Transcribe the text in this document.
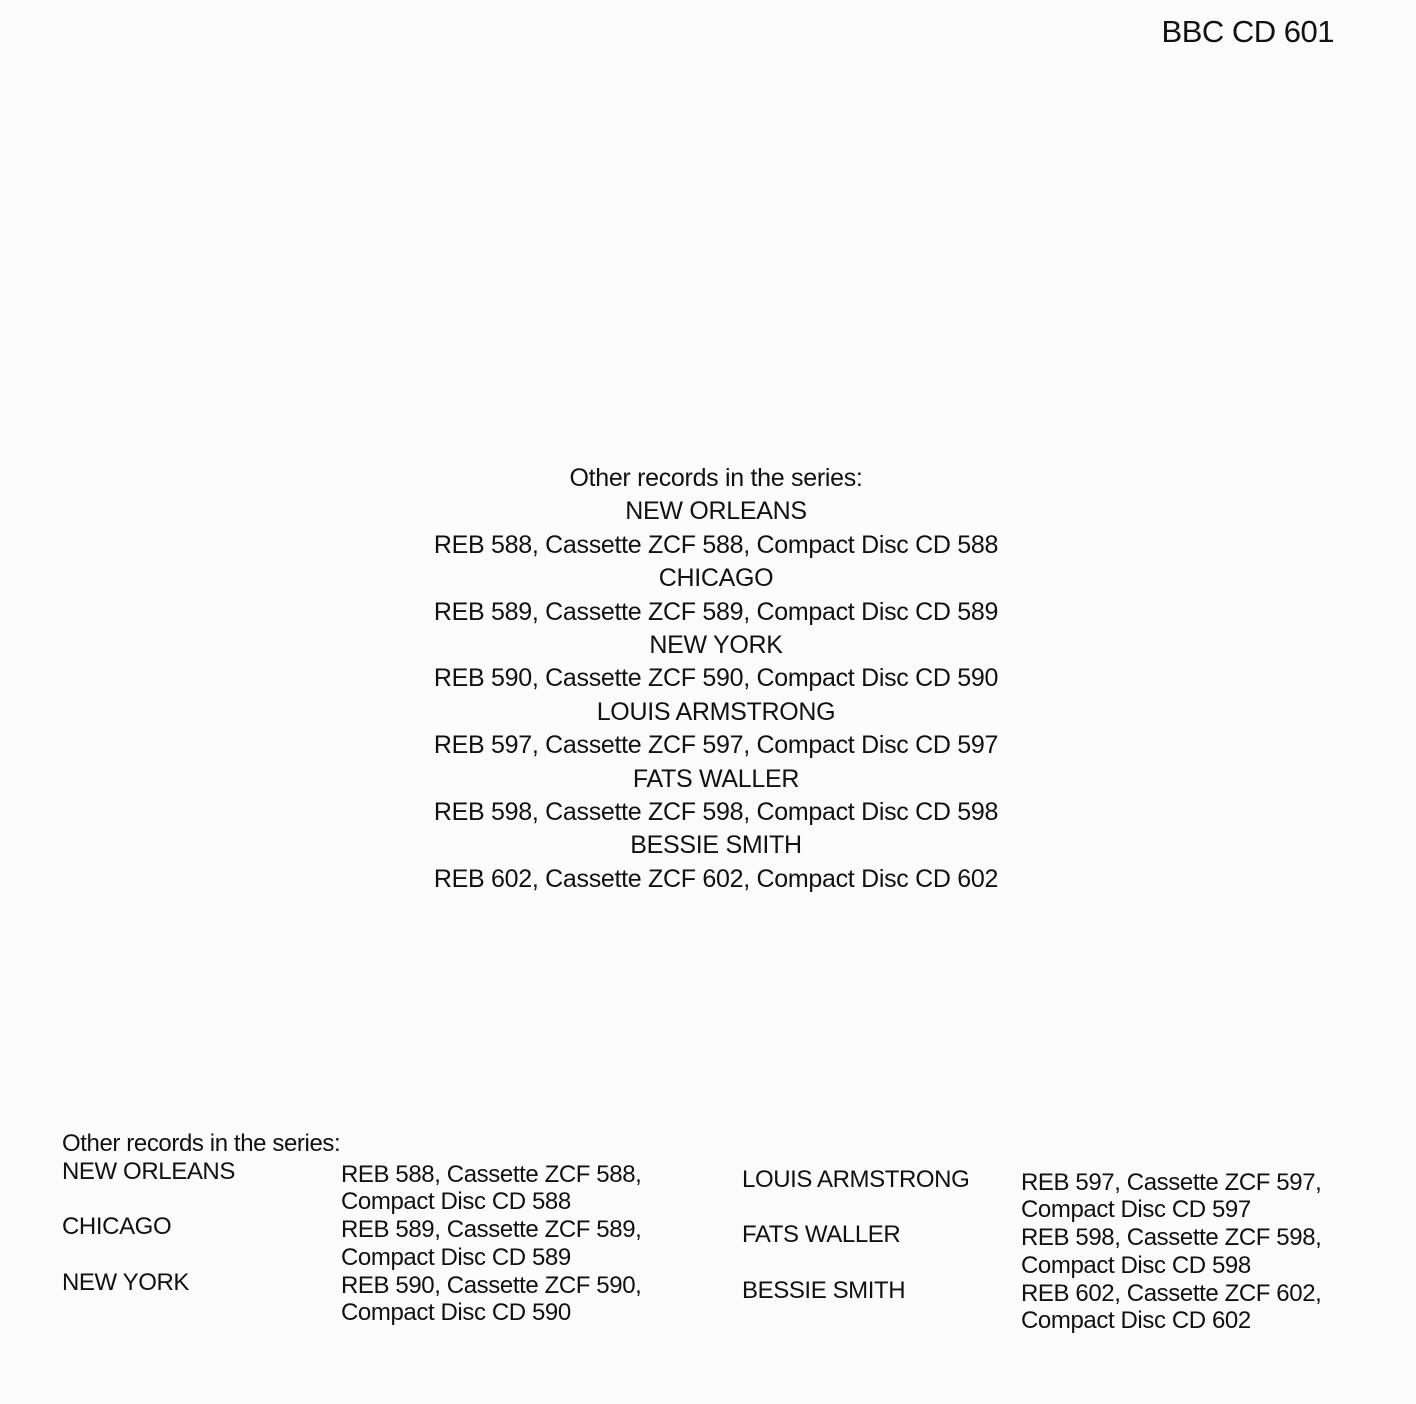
BBC CD 601
Other records in the series:
NEW ORLEANS
REB 588, Cassette ZCF 588, Compact Disc CD 588
CHICAGO
REB 589, Cassette ZCF 589, Compact Disc CD 589
NEW YORK
REB 590, Cassette ZCF 590, Compact Disc CD 590
LOUIS ARMSTRONG
REB 597, Cassette ZCF 597, Compact Disc CD 597
FATS WALLER
REB 598, Cassette ZCF 598, Compact Disc CD 598
BESSIE SMITH
REB 602, Cassette ZCF 602, Compact Disc CD 602
Other records in the series:
NEW ORLEANS	REB 588, Cassette ZCF 588,
Compact Disc CD 588
CHICAGO	REB 589, Cassette ZCF 589,
Compact Disc CD 589
NEW YORK	REB 590, Cassette ZCF 590,
Compact Disc CD 590
LOUIS ARMSTRONG REB 597, Cassette ZCF 597,
Compact Disc CD 597
FATS WALLER	REB 598, Cassette ZCF 598,
Compact Disc CD 598
BESSIE SMITH	REB 602, Cassette ZCF 602,
Compact Disc CD 602
